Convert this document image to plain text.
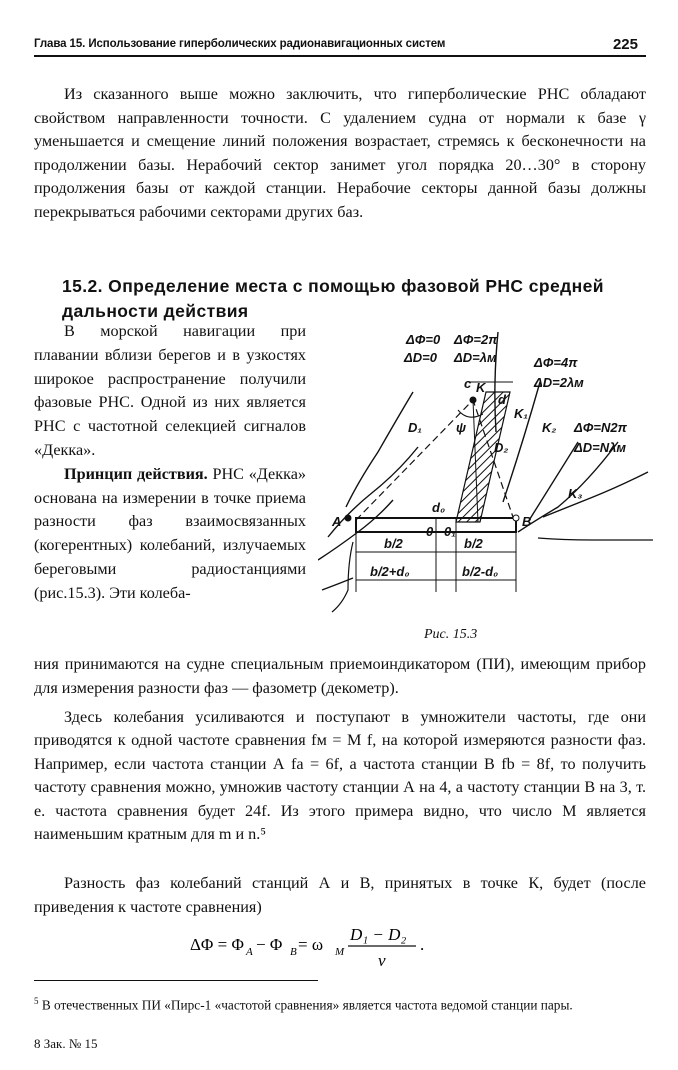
Глава 15. Использование гиперболических радионавигационных систем	225

Из сказанного выше можно заключить, что гиперболические РНС обладают свойством направленности точности. С удалением судна от нормали к базе γ уменьшается и смещение линий положения возрастает, стремясь к бесконечности на продолжении базы. Нерабочий сектор занимет угол порядка 20…30° в сторону продолжения базы от каждой станции. Нерабочие секторы данной базы должны перекрываться рабочими секторами других баз.

15.2. Определение места с помощью фазовой РНС средней дальности действия

В морской навигации при плавании вблизи берегов и в узкостях широкое распространение получили фазовые РНС. Одной из них является РНС с частотной селекцией сигналов «Декка».

Принцип действия. РНС «Декка» основана на измерении в точке приема разности фаз взаимосвязанных (когерентных) колебаний, излучаемых береговыми радиостанциями (рис.15.3). Эти колеба-

ния принимаются на судне специальным приемоиндикатором (ПИ), имеющим прибор для измерения разности фаз — фазометр (декометр).

Здесь колебания усиливаются и поступают в умножители частоты, где они приводятся к одной частоте сравнения fм = M f, на которой измеряются разности фаз. Например, если частота станции А fa = 6f, а частота станции В fb = 8f, то получить частоту сравнения можно, умножив частоту станции А на 4, а частоту станции В на 3, т. е. частота сравнения будет 24f. Из этого примера видно, что число М является наименьшим кратным для m и n.⁵

Разность фаз колебаний станций А и В, принятых в точке К, будет (после приведения к частоте сравнения)

ΔΦ = Φ A − Φ B = ω M
D₁ − D₂
v
.
$^5$ В отечественных ПИ «Пирс-1 «частотой сравнения» является частота ведомой станции пары.
8 Зак. № 15
ΔΦ=0 ΔΦ=2π
ΔD=0 ΔD=λм	ΔΦ=4π
ΔD=2λм
ΔΦ=N2π
ΔD=Nλм
K
K₁
K₂
K₃
c
d
D₁
D₂
ψ
A	B
0 0₁
d₀
b/2	b/2
b/2+d₀	b/2-d₀
Рис. 15.3
